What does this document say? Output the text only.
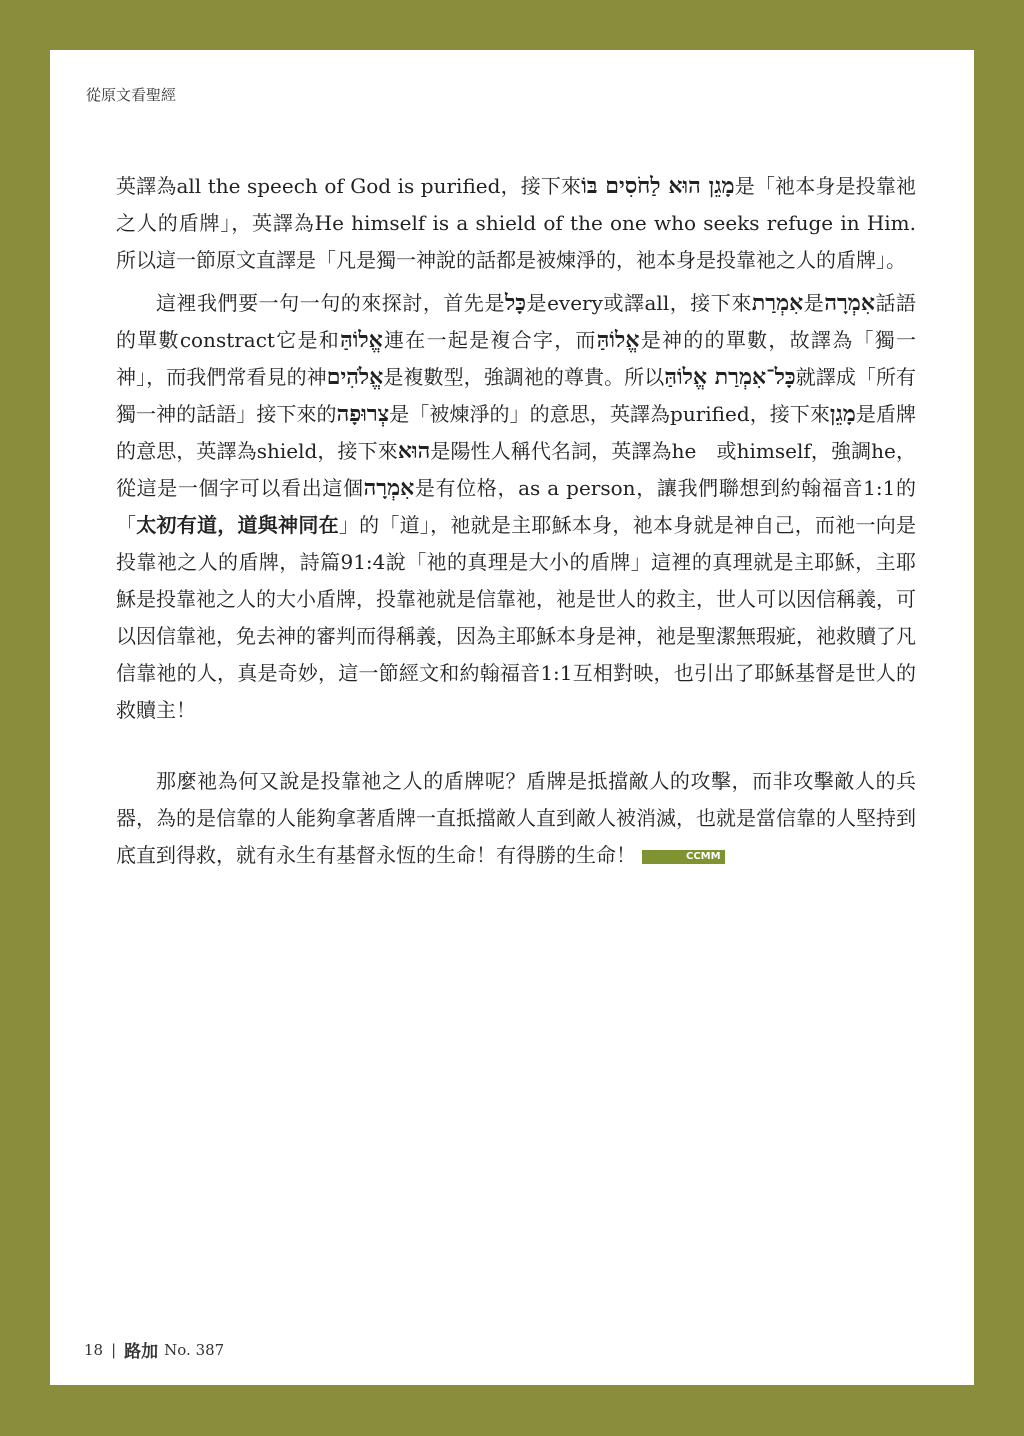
從原文看聖經

英譯為all the speech of God is purified，接下來מָגֵן הוּא לַחֹסִים בּוֹ是「祂本身是投靠祂之人的盾牌」，英譯為He himself is a shield of the one who seeks refuge in Him. 所以這一節原文直譯是「凡是獨一神說的話都是被煉淨的，祂本身是投靠祂之人的盾牌」。

這裡我們要一句一句的來探討，首先是כָּל是every或譯all，接下來אִמְרַת是אִמְרָה話語的單數constract它是和אֱלוֹהַּ連在一起是複合字，而אֱלוֹהַּ是神的的單數，故譯為「獨一神」，而我們常看見的神אֱלֹהִים是複數型，強調祂的尊貴。所以כָּל־אִמְרַת אֱלוֹהַּ就譯成「所有獨一神的話語」接下來的צְרוּפָה是「被煉淨的」的意思，英譯為purified，接下來מָגֵן是盾牌的意思，英譯為shield，接下來הוּא是陽性人稱代名詞，英譯為he　或himself，強調he，從這是一個字可以看出這個אִמְרָה是有位格，as a person，讓我們聯想到約翰福音1:1的「太初有道，道與神同在」的「道」，祂就是主耶穌本身，祂本身就是神自己，而祂一向是投靠祂之人的盾牌，詩篇91:4說「祂的真理是大小的盾牌」這裡的真理就是主耶穌，主耶穌是投靠祂之人的大小盾牌，投靠祂就是信靠祂，祂是世人的救主，世人可以因信稱義，可以因信靠祂，免去神的審判而得稱義，因為主耶穌本身是神，祂是聖潔無瑕疵，祂救贖了凡信靠祂的人，真是奇妙，這一節經文和約翰福音1:1互相對映，也引出了耶穌基督是世人的救贖主！

那麼祂為何又說是投靠祂之人的盾牌呢？盾牌是抵擋敵人的攻擊，而非攻擊敵人的兵器，為的是信靠的人能夠拿著盾牌一直抵擋敵人直到敵人被消滅，也就是當信靠的人堅持到底直到得救，就有永生有基督永恆的生命！有得勝的生命！	CCMM

18 | 路加 No. 387
